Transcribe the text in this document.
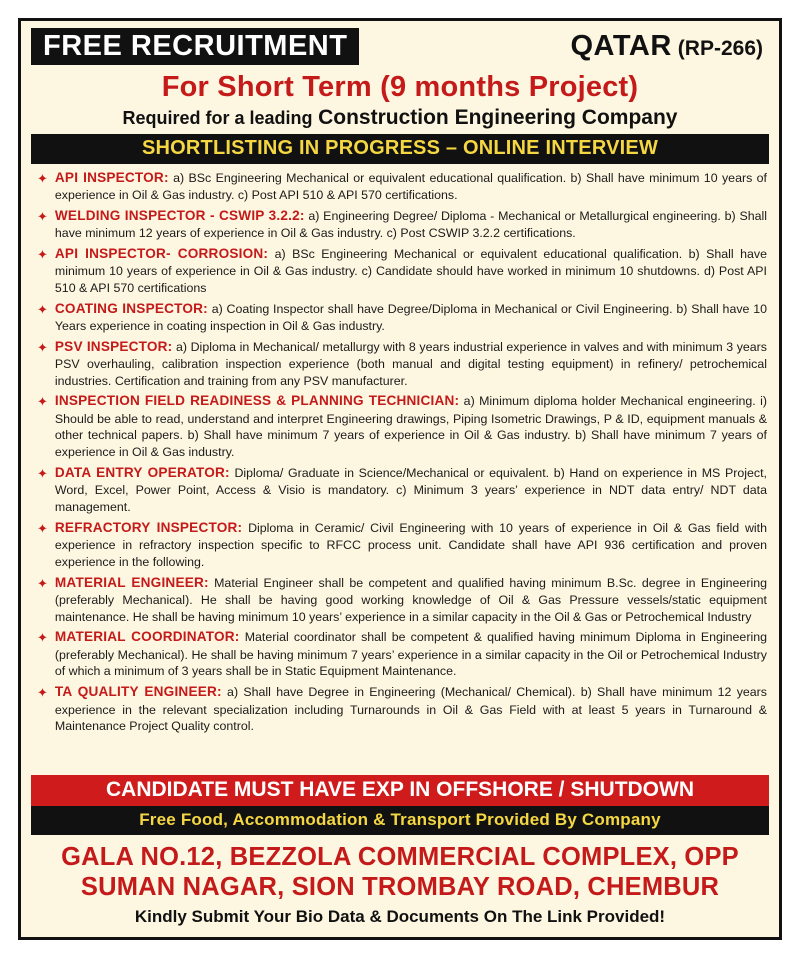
FREE RECRUITMENT	QATAR (RP-266)
For Short Term (9 months Project)
Required for a leading Construction Engineering Company
SHORTLISTING IN PROGRESS – ONLINE INTERVIEW
✦ API INSPECTOR: a) BSc Engineering Mechanical or equivalent educational qualification. b) Shall have minimum 10 years of experience in Oil & Gas industry. c) Post API 510 & API 570 certifications.
✦ WELDING INSPECTOR - CSWIP 3.2.2: a) Engineering Degree/ Diploma - Mechanical or Metallurgical engineering. b) Shall have minimum 12 years of experience in Oil & Gas industry. c) Post CSWIP 3.2.2 certifications.
✦ API INSPECTOR- CORROSION: a) BSc Engineering Mechanical or equivalent educational qualification. b) Shall have minimum 10 years of experience in Oil & Gas industry. c) Candidate should have worked in minimum 10 shutdowns. d) Post API 510 & API 570 certifications
✦ COATING INSPECTOR: a) Coating Inspector shall have Degree/Diploma in Mechanical or Civil Engineering. b) Shall have 10 Years experience in coating inspection in Oil & Gas industry.
✦ PSV INSPECTOR: a) Diploma in Mechanical/ metallurgy with 8 years industrial experience in valves and with minimum 3 years PSV overhauling, calibration inspection experience (both manual and digital testing equipment) in refinery/ petrochemical industries. Certification and training from any PSV manufacturer.
✦ INSPECTION FIELD READINESS & PLANNING TECHNICIAN: a) Minimum diploma holder Mechanical engineering. i) Should be able to read, understand and interpret Engineering drawings, Piping Isometric Drawings, P & ID, equipment manuals & other technical papers. b) Shall have minimum 7 years of experience in Oil & Gas industry. b) Shall have minimum 7 years of experience in Oil & Gas industry.
✦ DATA ENTRY OPERATOR: Diploma/ Graduate in Science/Mechanical or equivalent. b) Hand on experience in MS Project, Word, Excel, Power Point, Access & Visio is mandatory. c) Minimum 3 years’ experience in NDT data entry/ NDT data management.
✦ REFRACTORY INSPECTOR: Diploma in Ceramic/ Civil Engineering with 10 years of experience in Oil & Gas field with experience in refractory inspection specific to RFCC process unit. Candidate shall have API 936 certification and proven experience in the following.
✦ MATERIAL ENGINEER: Material Engineer shall be competent and qualified having minimum B.Sc. degree in Engineering (preferably Mechanical). He shall be having good working knowledge of Oil & Gas Pressure vessels/static equipment maintenance. He shall be having minimum 10 years’ experience in a similar capacity in the Oil & Gas or Petrochemical Industry
✦ MATERIAL COORDINATOR: Material coordinator shall be competent & qualified having minimum Diploma in Engineering (preferably Mechanical). He shall be having minimum 7 years’ experience in a similar capacity in the Oil or Petrochemical Industry of which a minimum of 3 years shall be in Static Equipment Maintenance.
✦ TA QUALITY ENGINEER: a) Shall have Degree in Engineering (Mechanical/ Chemical). b) Shall have minimum 12 years experience in the relevant specialization including Turnarounds in Oil & Gas Field with at least 5 years in Turnaround & Maintenance Project Quality control.
CANDIDATE MUST HAVE EXP IN OFFSHORE / SHUTDOWN
Free Food, Accommodation & Transport Provided By Company
GALA NO.12, BEZZOLA COMMERCIAL COMPLEX, OPP
SUMAN NAGAR, SION TROMBAY ROAD, CHEMBUR
Kindly Submit Your Bio Data & Documents On The Link Provided!
